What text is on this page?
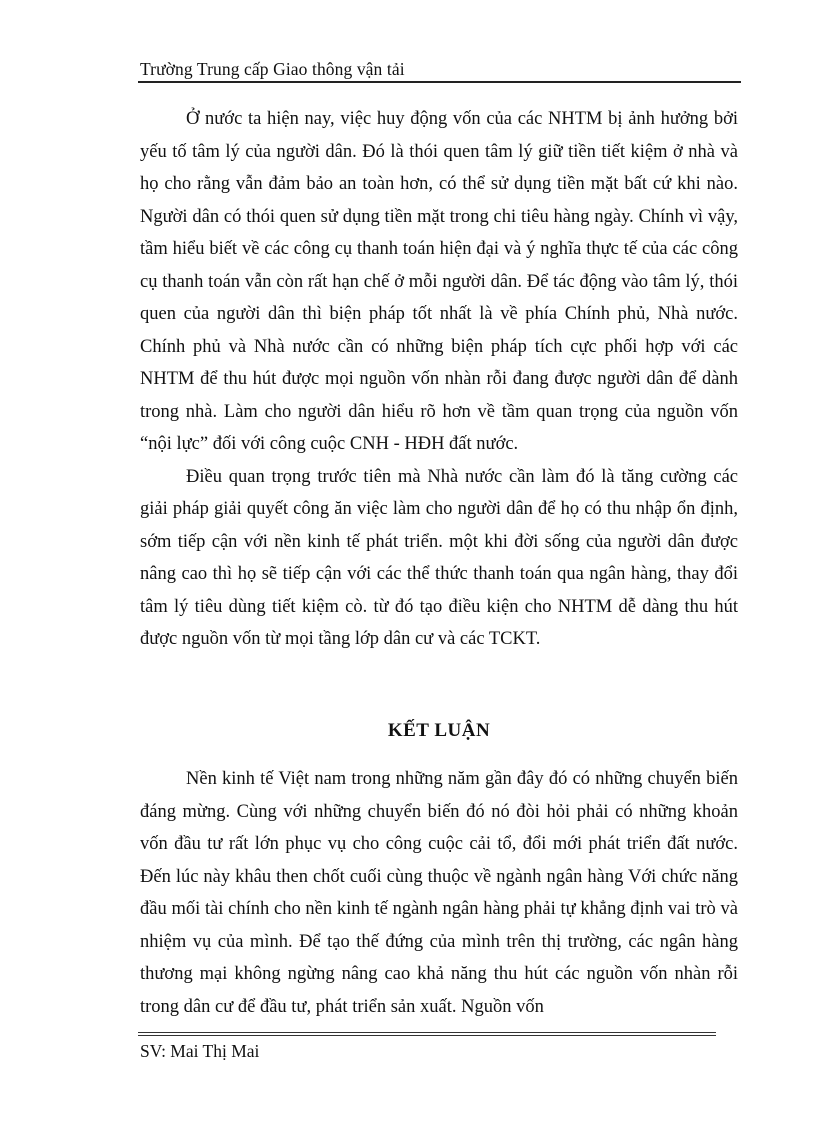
Trường Trung cấp Giao thông vận tải

Ở nước ta hiện nay, việc huy động vốn của các NHTM bị ảnh hưởng bởi yếu tố tâm lý của người dân. Đó là thói quen tâm lý giữ tiền tiết kiệm ở nhà và họ cho rằng vẫn đảm bảo an toàn hơn, có thể sử dụng tiền mặt bất cứ khi nào. Người dân có thói quen sử dụng tiền mặt trong chi tiêu hàng ngày. Chính vì vậy, tầm hiểu biết về các công cụ thanh toán hiện đại và ý nghĩa thực tế của các công cụ thanh toán vẫn còn rất hạn chế ở mỗi người dân. Để tác động vào tâm lý, thói quen của người dân thì biện pháp tốt nhất là về phía Chính phủ, Nhà nước. Chính phủ và Nhà nước cần có những biện pháp tích cực phối hợp với các NHTM để thu hút được mọi nguồn vốn nhàn rỗi đang được người dân để dành trong nhà. Làm cho người dân hiểu rõ hơn về tầm quan trọng của nguồn vốn “nội lực” đối với công cuộc CNH - HĐH đất nước.

Điều quan trọng trước tiên mà Nhà nước cần làm đó là tăng cường các giải pháp giải quyết công ăn việc làm cho người dân để họ có thu nhập ổn định, sớm tiếp cận với nền kinh tế phát triển. một khi đời sống của người dân được nâng cao thì họ sẽ tiếp cận với các thể thức thanh toán qua ngân hàng, thay đổi tâm lý tiêu dùng tiết kiệm cò. từ đó tạo điều kiện cho NHTM dễ dàng thu hút được nguồn vốn từ mọi tầng lớp dân cư và các TCKT.

KẾT LUẬN

Nền kinh tế Việt nam trong những năm gần đây đó có những chuyển biến đáng mừng. Cùng với những chuyển biến đó nó đòi hỏi phải có những khoản vốn đầu tư rất lớn phục vụ cho công cuộc cải tổ, đổi mới phát triển đất nước. Đến lúc này khâu then chốt cuối cùng thuộc về ngành ngân hàng Với chức năng đầu mối tài chính cho nền kinh tế ngành ngân hàng phải tự khẳng định vai trò và nhiệm vụ của mình. Để tạo thế đứng của mình trên thị trường, các ngân hàng thương mại không ngừng nâng cao khả năng thu hút các nguồn vốn nhàn rỗi trong dân cư để đầu tư, phát triển sản xuất. Nguồn vốn

SV: Mai Thị Mai
